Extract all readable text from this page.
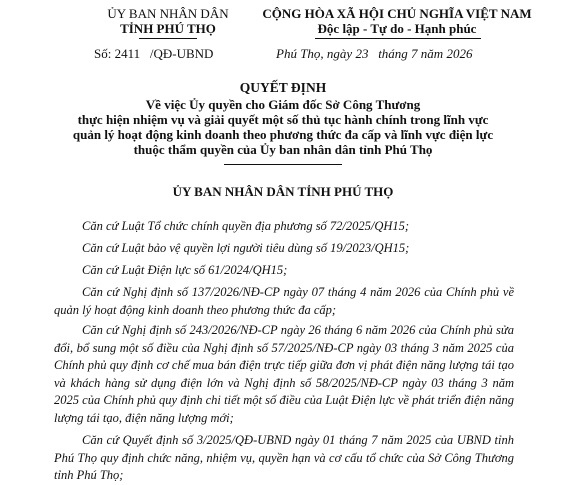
ỦY BAN NHÂN DÂN
TỈNH PHÚ THỌ
CỘNG HÒA XÃ HỘI CHỦ NGHĨA VIỆT NAM
Độc lập - Tự do - Hạnh phúc
Số: 2411   /QĐ-UBND	Phú Thọ, ngày 23   tháng 7 năm 2026
QUYẾT ĐỊNH
Về việc Ủy quyền cho Giám đốc Sở Công Thương
thực hiện nhiệm vụ và giải quyết một số thủ tục hành chính trong lĩnh vực
quản lý hoạt động kinh doanh theo phương thức đa cấp và lĩnh vực điện lực
thuộc thẩm quyền của Ủy ban nhân dân tỉnh Phú Thọ
ỦY BAN NHÂN DÂN TỈNH PHÚ THỌ
Căn cứ Luật Tổ chức chính quyền địa phương số 72/2025/QH15;
Căn cứ Luật bảo vệ quyền lợi người tiêu dùng số 19/2023/QH15;
Căn cứ Luật Điện lực số 61/2024/QH15;
Căn cứ Nghị định số 137/2026/NĐ-CP ngày 07 tháng 4 năm 2026 của Chính phủ về quản lý hoạt động kinh doanh theo phương thức đa cấp;
Căn cứ Nghị định số 243/2026/NĐ-CP ngày 26 tháng 6 năm 2026 của Chính phủ sửa đổi, bổ sung một số điều của Nghị định số 57/2025/NĐ-CP ngày 03 tháng 3 năm 2025 của Chính phủ quy định cơ chế mua bán điện trực tiếp giữa đơn vị phát điện năng lượng tái tạo và khách hàng sử dụng điện lớn và Nghị định số 58/2025/NĐ-CP ngày 03 tháng 3 năm 2025 của Chính phủ quy định chi tiết một số điều của Luật Điện lực về phát triển điện năng lượng tái tạo, điện năng lượng mới;
Căn cứ Quyết định số 3/2025/QĐ-UBND ngày 01 tháng 7 năm 2025 của UBND tỉnh Phú Thọ quy định chức năng, nhiệm vụ, quyền hạn và cơ cấu tổ chức của Sở Công Thương tỉnh Phú Thọ;
